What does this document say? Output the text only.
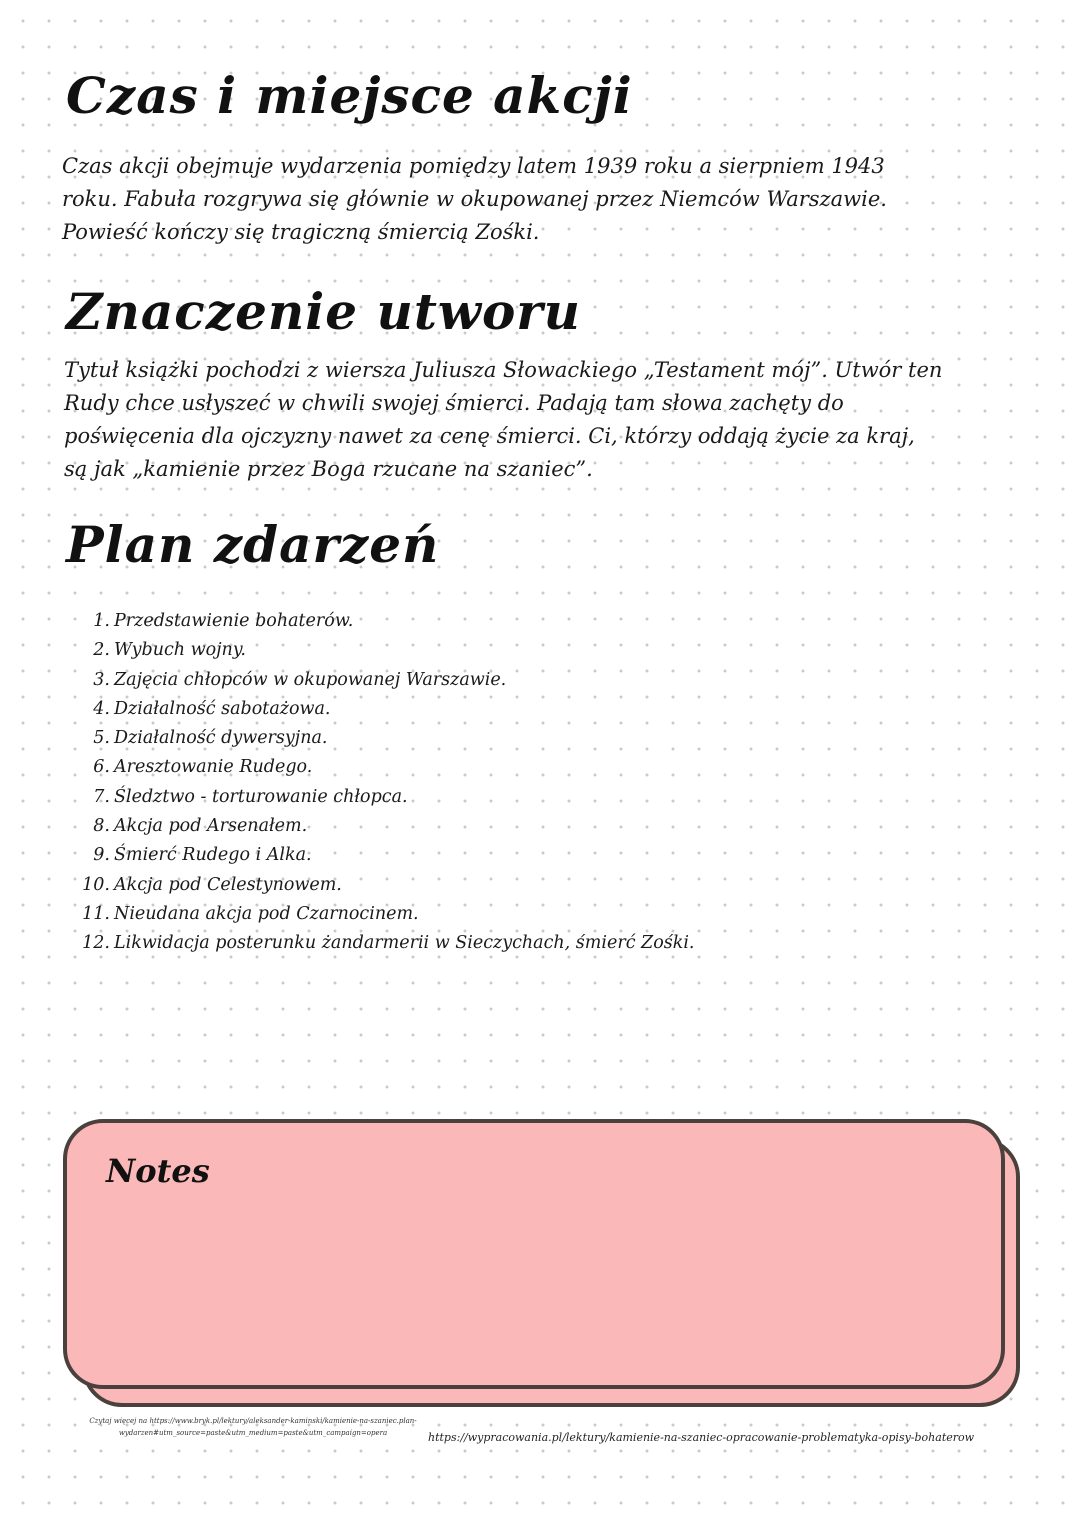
Czas i miejsce akcji

Czas akcji obejmuje wydarzenia pomiędzy latem 1939 roku a sierpniem 1943 roku. Fabuła rozgrywa się głównie w okupowanej przez Niemców Warszawie. Powieść kończy się tragiczną śmiercią Zośki.

Znaczenie utworu

Tytuł książki pochodzi z wiersza Juliusza Słowackiego „Testament mój”. Utwór ten Rudy chce usłyszeć w chwili swojej śmierci. Padają tam słowa zachęty do poświęcenia dla ojczyzny nawet za cenę śmierci. Ci, którzy oddają życie za kraj, są jak „kamienie przez Boga rzucane na szaniec”.

Plan zdarzeń
1. Przedstawienie bohaterów.
2. Wybuch wojny.
3. Zajęcia chłopców w okupowanej Warszawie.
4. Działalność sabotażowa.
5. Działalność dywersyjna.
6. Aresztowanie Rudego.
7. Śledztwo - torturowanie chłopca.
8. Akcja pod Arsenałem.
9. Śmierć Rudego i Alka.
10. Akcja pod Celestynowem.
11. Nieudana akcja pod Czarnocinem.
12. Likwidacja posterunku żandarmerii w Sieczychach, śmierć Zośki.
Notes

Czytaj więcej na https://www.bryk.pl/lektury/aleksander-kaminski/kamienie-na-szaniec.plan-wydarzen#utm_source=paste&utm_medium=paste&utm_campaign=opera	https://wypracowania.pl/lektury/kamienie-na-szaniec-opracowanie-problematyka-opisy-bohaterow
